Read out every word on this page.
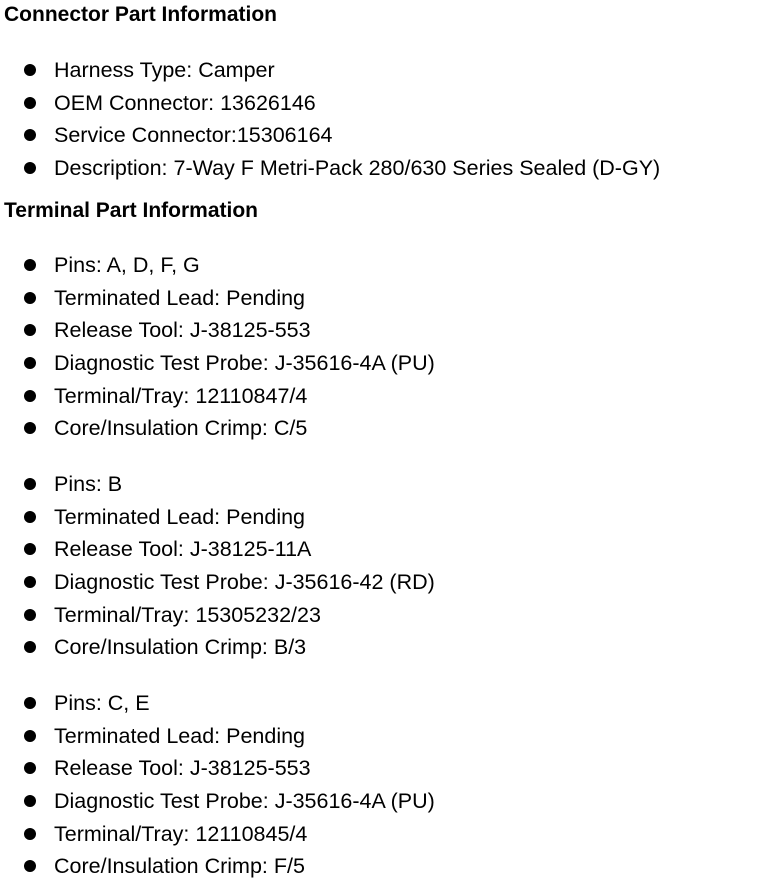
Connector Part Information
Harness Type: Camper
OEM Connector: 13626146
Service Connector:15306164
Description: 7-Way F Metri-Pack 280/630 Series Sealed (D-GY)
Terminal Part Information
Pins: A, D, F, G
Terminated Lead: Pending
Release Tool: J-38125-553
Diagnostic Test Probe: J-35616-4A (PU)
Terminal/Tray: 12110847/4
Core/Insulation Crimp: C/5
Pins: B
Terminated Lead: Pending
Release Tool: J-38125-11A
Diagnostic Test Probe: J-35616-42 (RD)
Terminal/Tray: 15305232/23
Core/Insulation Crimp: B/3
Pins: C, E
Terminated Lead: Pending
Release Tool: J-38125-553
Diagnostic Test Probe: J-35616-4A (PU)
Terminal/Tray: 12110845/4
Core/Insulation Crimp: F/5
